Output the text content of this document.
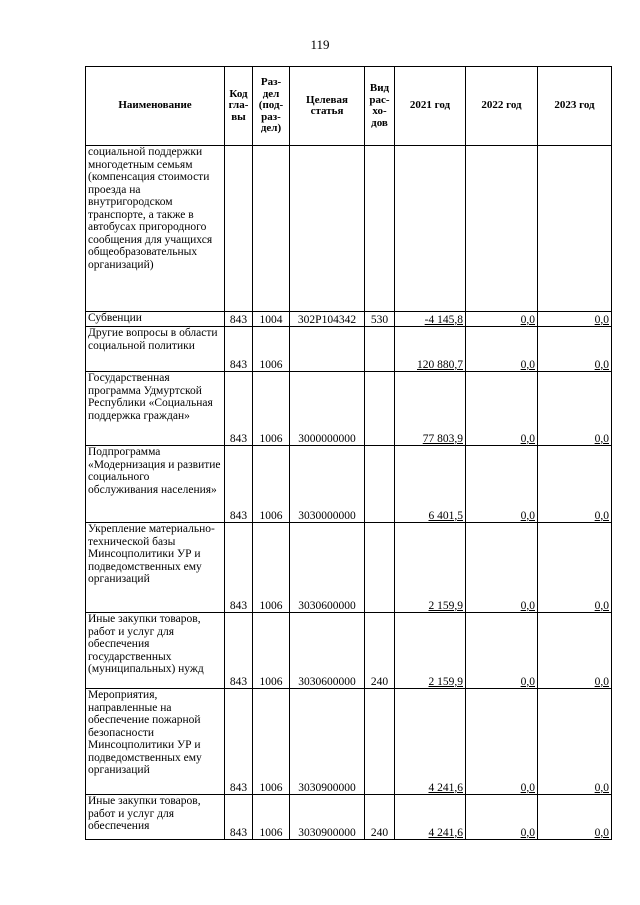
119
Наименование	Код гла- вы	Раз- дел (под- раз- дел)	Целевая статья	Вид рас- хо- дов	2021 год	2022 год	2023 год
социальной поддержки многодетным семьям (компенсация стоимости проезда на внутригородском транспорте, а также в автобусах пригородного сообщения для учащихся общеобразовательных организаций)							
Субвенции	843	1004	302P104342	530	-4 145,8	0,0	0,0
Другие вопросы в области социальной политики	843	1006			120 880,7	0,0	0,0
Государственная программа Удмуртской Республики «Социальная поддержка граждан»	843	1006	3000000000		77 803,9	0,0	0,0
Подпрограмма «Модернизация и развитие социального обслуживания населения»	843	1006	3030000000		6 401,5	0,0	0,0
Укрепление материально-технической базы Минсоцполитики УР и подведомственных ему организаций	843	1006	3030600000		2 159,9	0,0	0,0
Иные закупки товаров, работ и услуг для обеспечения государственных (муниципальных) нужд	843	1006	3030600000	240	2 159,9	0,0	0,0
Мероприятия, направленные на обеспечение пожарной безопасности Минсоцполитики УР и подведомственных ему организаций	843	1006	3030900000		4 241,6	0,0	0,0
Иные закупки товаров, работ и услуг для обеспечения	843	1006	3030900000	240	4 241,6	0,0	0,0
